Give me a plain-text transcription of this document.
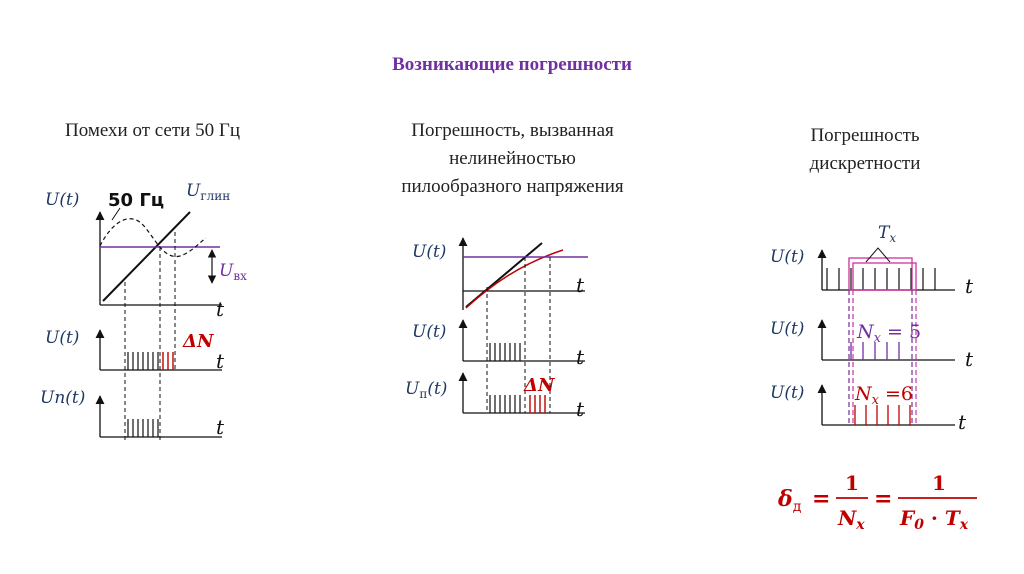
Возникающие погрешности
Помехи от сети 50 Гц	Погрешность, вызванная
нелинейностью
пилообразного напряжения
Погрешность
дискретности
U(t) 50 Гц $U_{глин}$
$U_{вх}$
t
U(t)	ΔN
t
Uп(t)
t
U(t)
t
U(t)
t
$U_п(t)$	ΔN
t
$T_x$
U(t)
t
$N_x = 5$
U(t)
t
$N_x =6$
U(t)
t
$\delta_д$ =
1
$N_x$
=
1
$F_0 \cdot T_x$
